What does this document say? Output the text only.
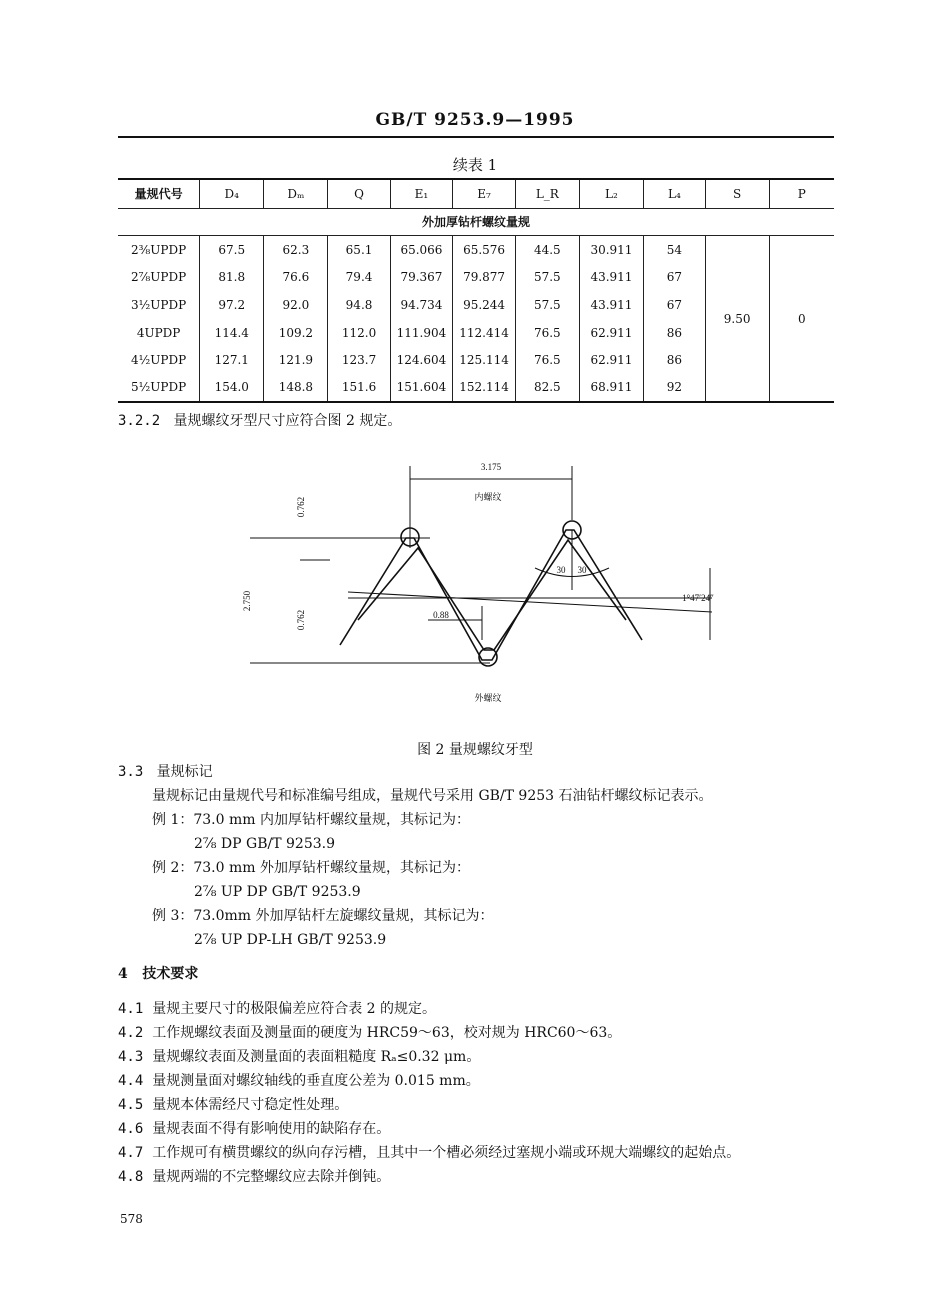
GB/T 9253.9—1995
续表 1
量规代号	D₄	Dₘ	Q	E₁	E₇	L_R	L₂	L₄	S	P
外加厚钻杆螺纹量规										
2⅜UPDP	67.5	62.3	65.1	65.066	65.576	44.5	30.911	54	9.50	0
2⅞UPDP	81.8	76.6	79.4	79.367	79.877	57.5	43.911	67		
3½UPDP	97.2	92.0	94.8	94.734	95.244	57.5	43.911	67		
4UPDP	114.4	109.2	112.0	111.904	112.414	76.5	62.911	86		
4½UPDP	127.1	121.9	123.7	124.604	125.114	76.5	62.911	86		
5½UPDP	154.0	148.8	151.6	151.604	152.114	82.5	68.911	92		
3.2.2 量规螺纹牙型尺寸应符合图 2 规定。
3.175
内螺纹
外螺纹
0.88
30 30
1°47′24″
0.762
0.762
2.750
图 2 量规螺纹牙型
3.3 量规标记
量规标记由量规代号和标准编号组成，量规代号采用 GB/T 9253 石油钻杆螺纹标记表示。
例 1：73.0 mm 内加厚钻杆螺纹量规，其标记为：
2⅞ DP GB/T 9253.9
例 2：73.0 mm 外加厚钻杆螺纹量规，其标记为：
2⅞ UP DP GB/T 9253.9
例 3：73.0mm 外加厚钻杆左旋螺纹量规，其标记为：
2⅞ UP DP-LH GB/T 9253.9
4 技术要求
4.1 量规主要尺寸的极限偏差应符合表 2 的规定。
4.2 工作规螺纹表面及测量面的硬度为 HRC59～63，校对规为 HRC60～63。
4.3 量规螺纹表面及测量面的表面粗糙度 Rₐ≤0.32 μm。
4.4 量规测量面对螺纹轴线的垂直度公差为 0.015 mm。
4.5 量规本体需经尺寸稳定性处理。
4.6 量规表面不得有影响使用的缺陷存在。
4.7 工作规可有横贯螺纹的纵向存污槽，且其中一个槽必须经过塞规小端或环规大端螺纹的起始点。
4.8 量规两端的不完整螺纹应去除并倒钝。
578
